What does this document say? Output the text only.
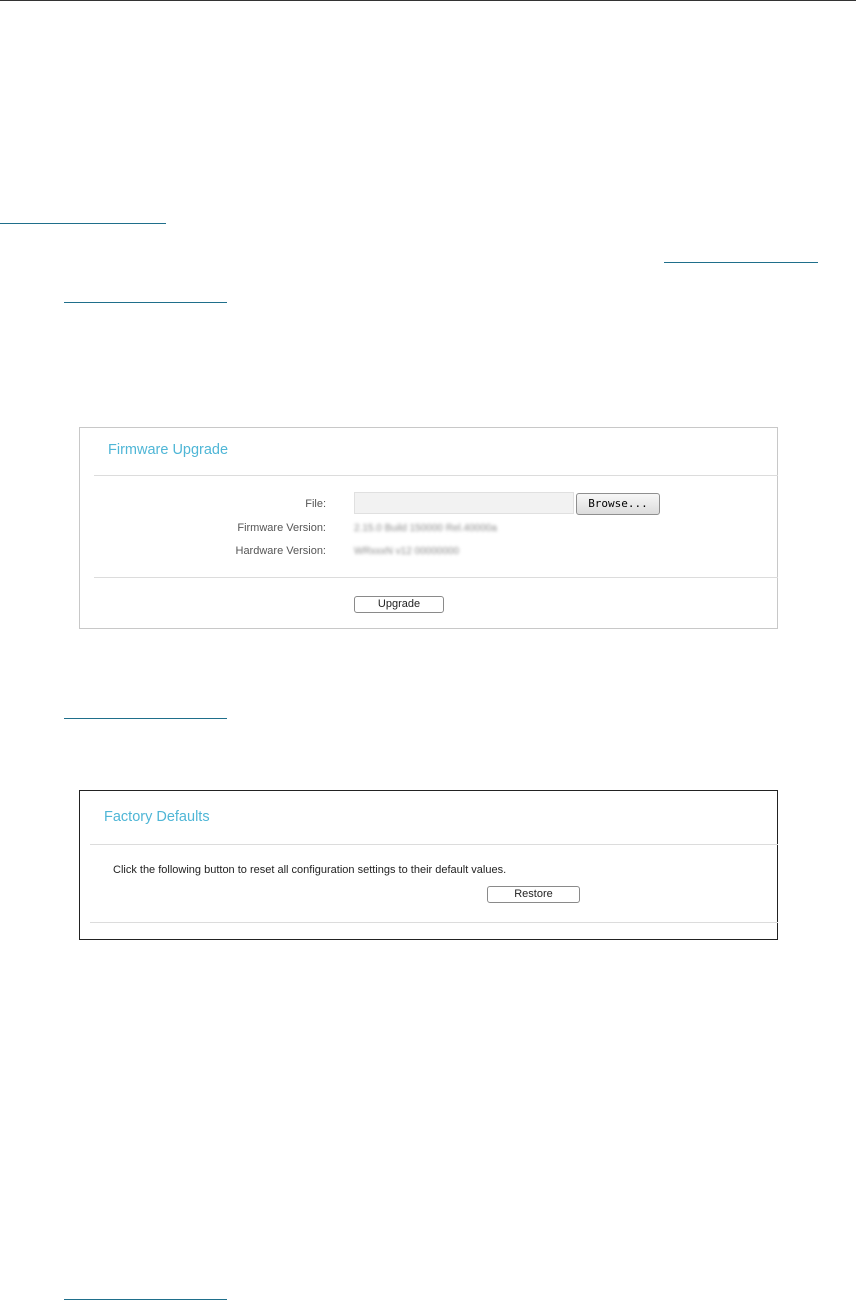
Firmware Upgrade
File:	Browse...
Firmware Version:	2.15.0 Build 150000 Rel.40000a
Hardware Version:	WRxxxN v12 00000000
Upgrade
Factory Defaults
Click the following button to reset all configuration settings to their default values.
Restore
